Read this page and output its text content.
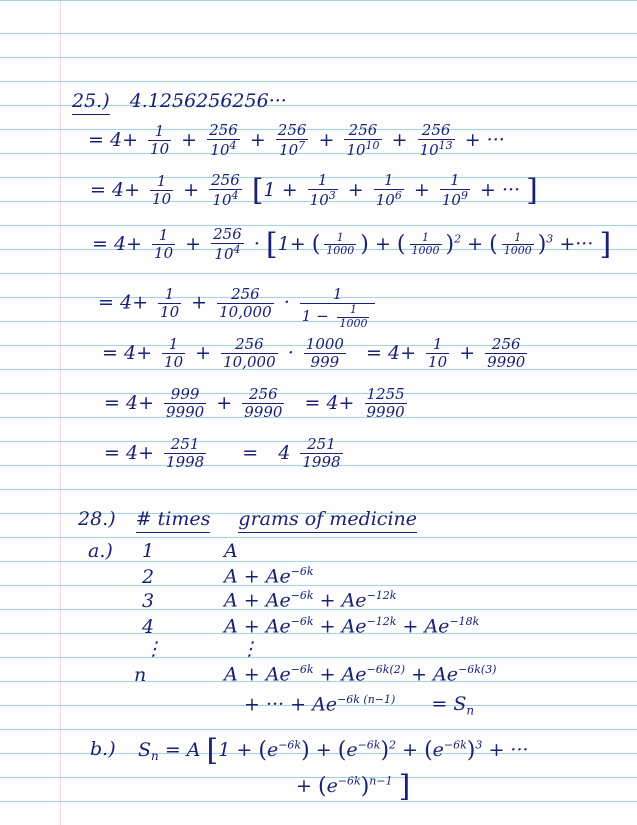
25.) 4.1256256256···
= $4+ \frac{1}{10} + \frac{256}{10^4} + \frac{256}{10^7} + \frac{256}{10^{10}} + \frac{256}{10^{13}}$ + ···
= $4+ \frac{1}{10} + \frac{256}{10^4} [1 + \frac{1}{10^3} + \frac{1}{10^6} + \frac{1}{10^9}$ + ··· ]
= $4+ \frac{1}{10} + \frac{256}{10^4} \cdot [1+$ ( $\frac{1}{1000}$ ) + ( $\frac{1}{1000} )^2$ + ( $\frac{1}{1000} )^3$ +··· ]
= $4+ \frac{1}{10} + \frac{256}{10,000} \cdot \frac{1}{1 - \frac{1}{1000}}$
= $4+ \frac{1}{10} + \frac{256}{10,000} \cdot \frac{1000}{999} = 4+ \frac{1}{10} + \frac{256}{9990}$
= $4+ \frac{999}{9990} + \frac{256}{9990} = 4+ \frac{1255}{9990}$
= $4+ \frac{251}{1998} = 4 \frac{251}{1998}$
28.) # times grams of medicine
a.) 1	A
2	$A + Ae^{-6k}$
3	$A + Ae^{-6k} + Ae^{-12k}$
4	$A + Ae^{-6k} + Ae^{-12k} + Ae^{-18k}$
⋮	⋮
n	$A + Ae^{-6k} + Ae^{-6k(2)} + Ae^{-6k(3)}$
+ ··· + $Ae^{-6k (n-1)} = S_n$
b.) $S_n = A$ [$1 + (e^{-6k}) + (e^{-6k})^2 + (e^{-6k})^3$ + ···
+ $(e^{-6k})^{n-1}$ ]
